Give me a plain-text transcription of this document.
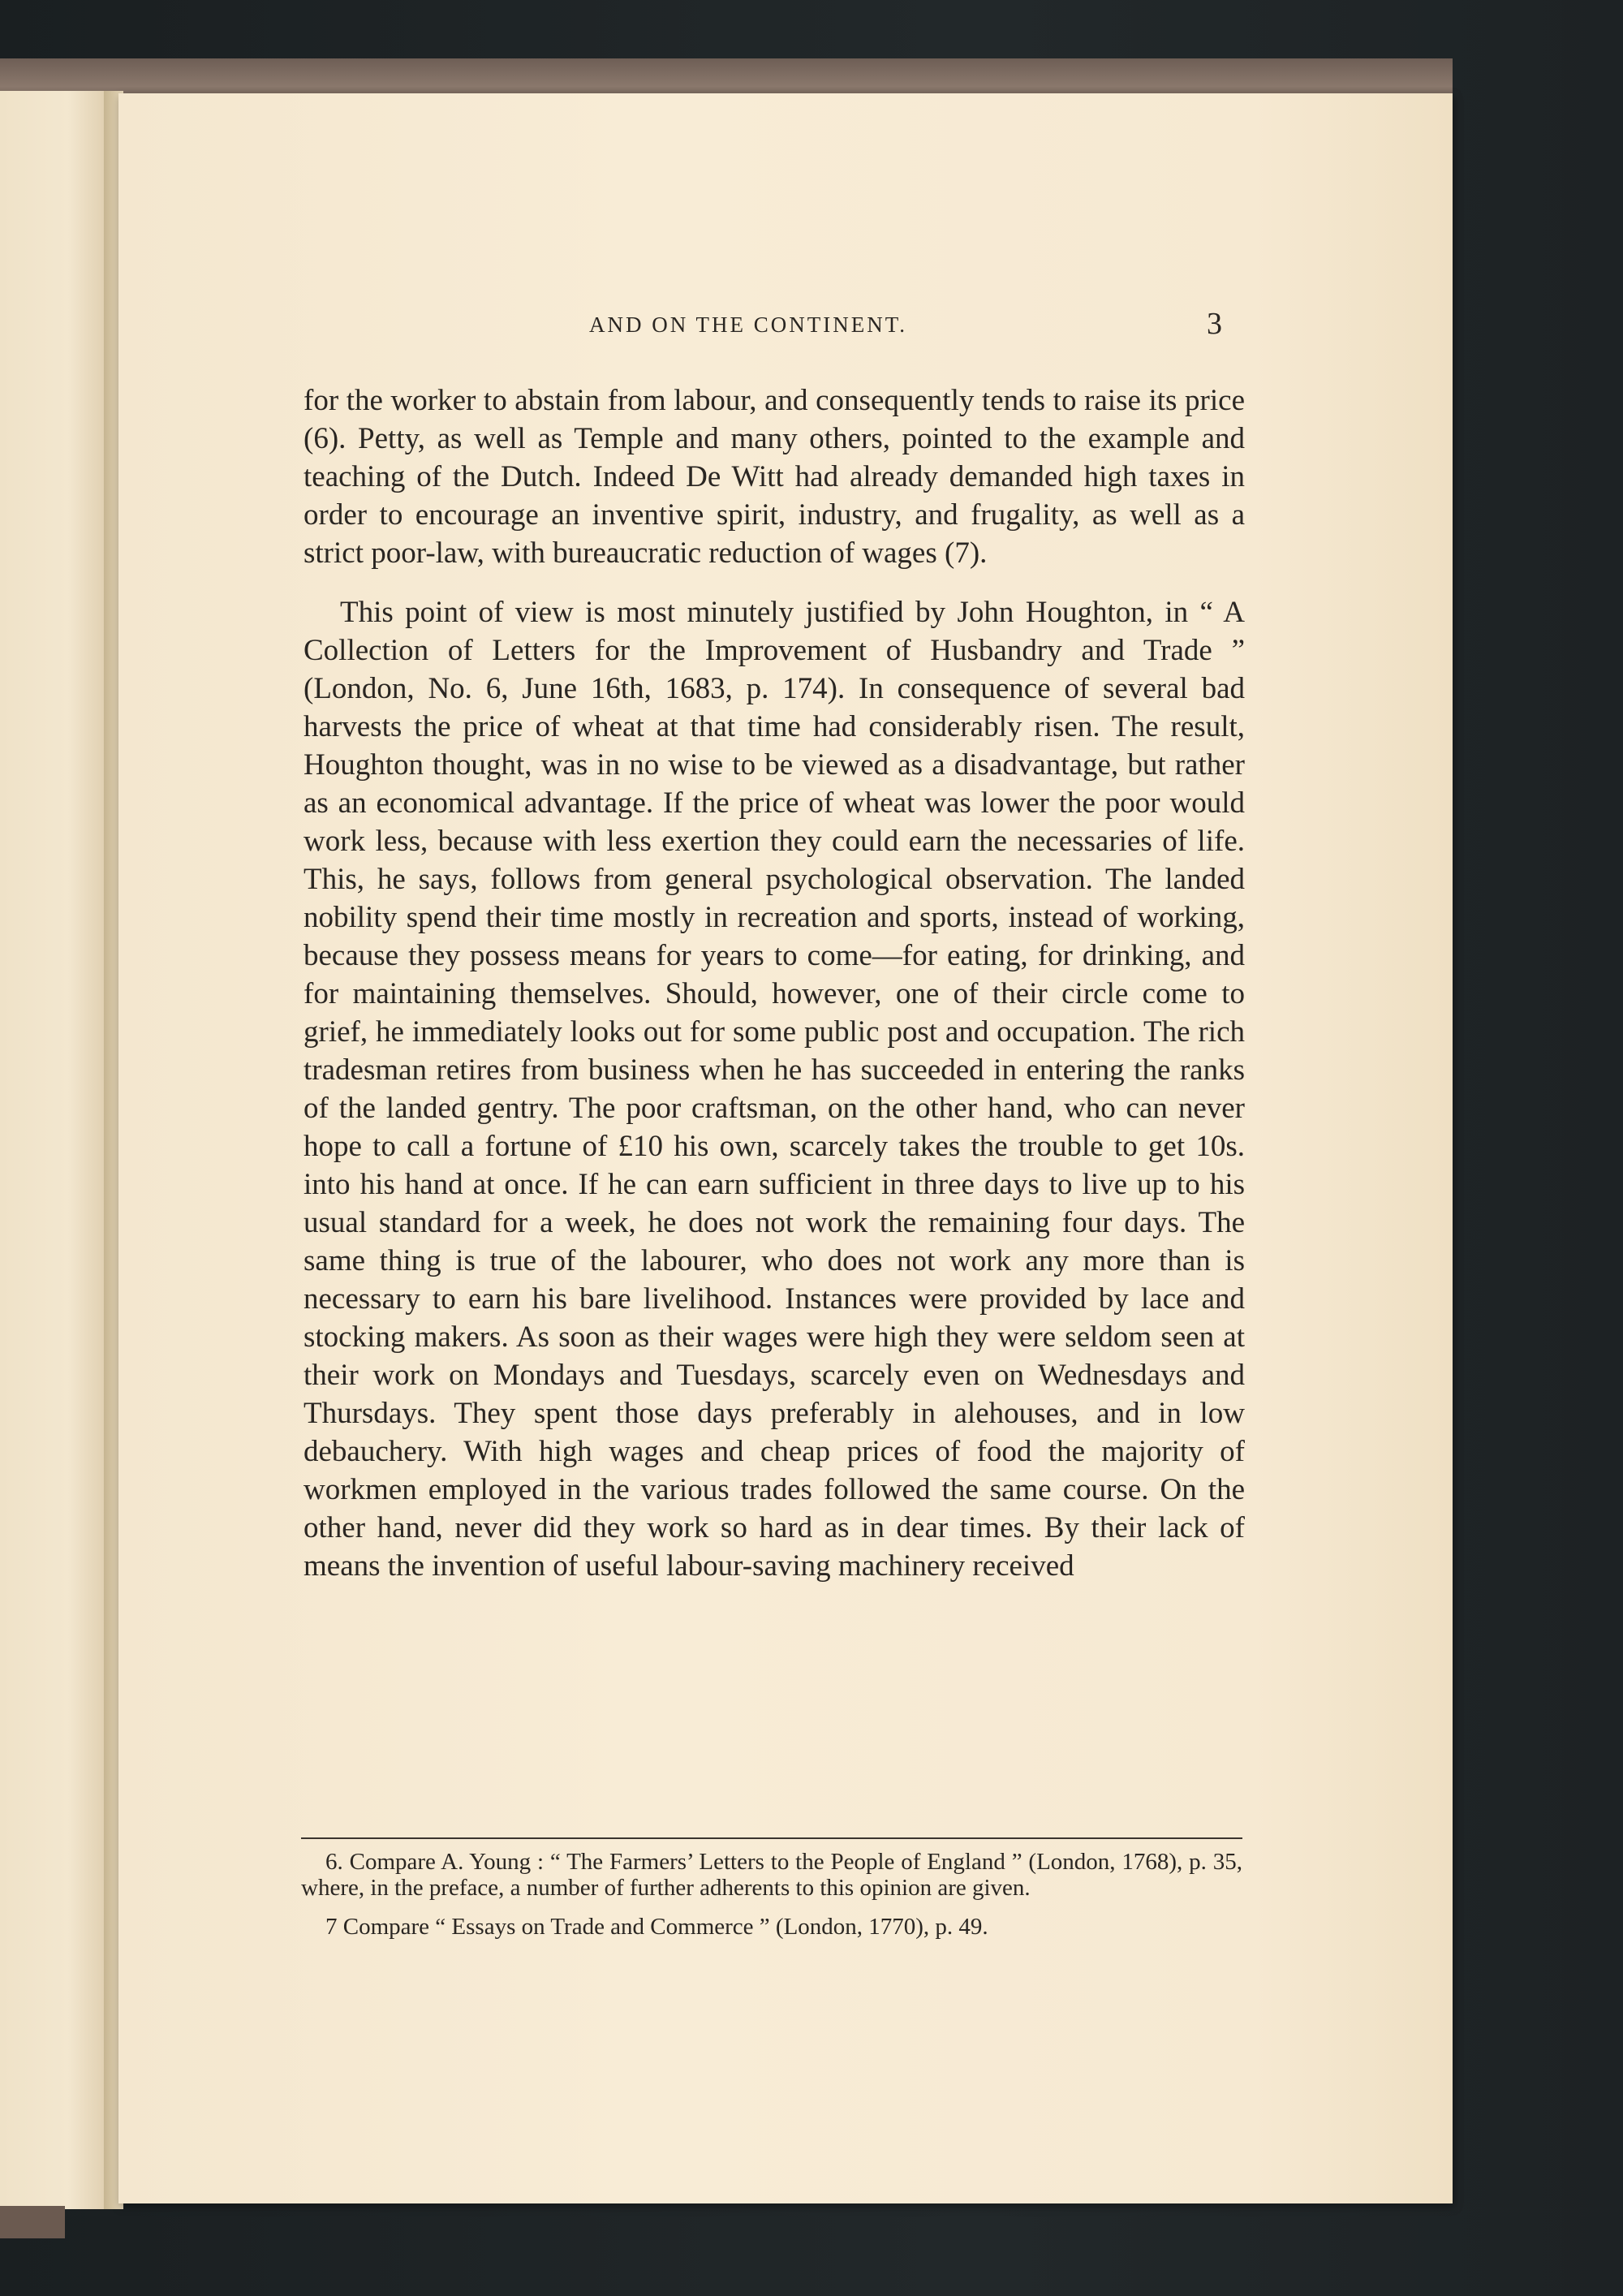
AND ON THE CONTINENT.	3

for the worker to abstain from labour, and consequently tends to raise its price (6). Petty, as well as Temple and many others, pointed to the example and teaching of the Dutch. Indeed De Witt had already demanded high taxes in order to encourage an inventive spirit, industry, and frugality, as well as a strict poor-law, with bureaucratic reduction of wages (7).

This point of view is most minutely justified by John Houghton, in “ A Collection of Letters for the Improvement of Husbandry and Trade ” (London, No. 6, June 16th, 1683, p. 174). In consequence of several bad harvests the price of wheat at that time had considerably risen. The result, Houghton thought, was in no wise to be viewed as a disadvantage, but rather as an economical advantage. If the price of wheat was lower the poor would work less, because with less exertion they could earn the necessaries of life. This, he says, follows from general psychological observation. The landed nobility spend their time mostly in recreation and sports, instead of working, because they possess means for years to come—for eating, for drinking, and for maintaining themselves. Should, however, one of their circle come to grief, he immediately looks out for some public post and occupation. The rich tradesman retires from business when he has succeeded in entering the ranks of the landed gentry. The poor craftsman, on the other hand, who can never hope to call a fortune of £10 his own, scarcely takes the trouble to get 10s. into his hand at once. If he can earn sufficient in three days to live up to his usual standard for a week, he does not work the remaining four days. The same thing is true of the labourer, who does not work any more than is necessary to earn his bare livelihood. Instances were provided by lace and stocking makers. As soon as their wages were high they were seldom seen at their work on Mondays and Tuesdays, scarcely even on Wednesdays and Thursdays. They spent those days preferably in alehouses, and in low debauchery. With high wages and cheap prices of food the majority of workmen employed in the various trades followed the same course. On the other hand, never did they work so hard as in dear times. By their lack of means the invention of useful labour-saving machinery received

6. Compare A. Young : “ The Farmers’ Letters to the People of England ” (London, 1768), p. 35, where, in the preface, a number of further adherents to this opinion are given.

7 Compare “ Essays on Trade and Commerce ” (London, 1770), p. 49.
